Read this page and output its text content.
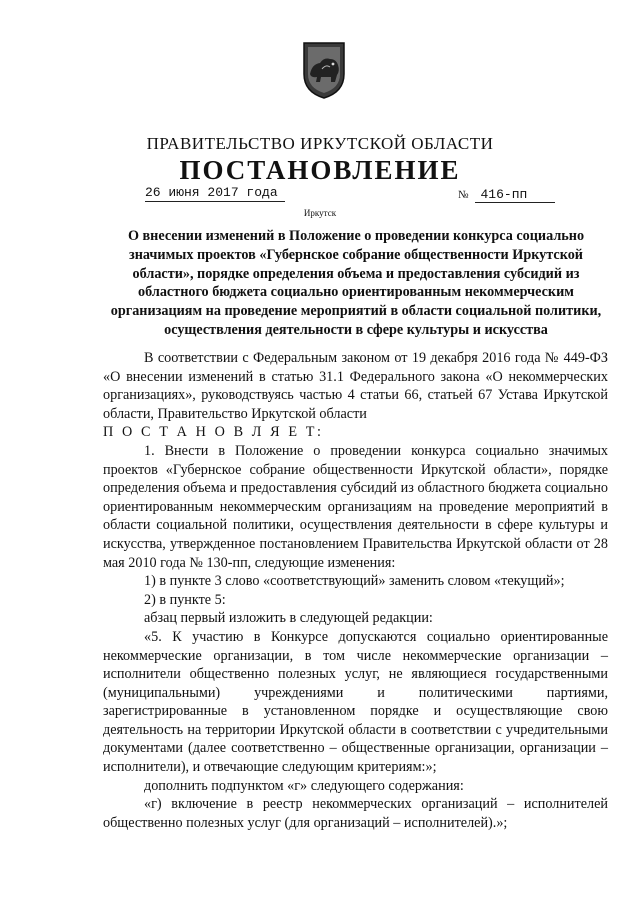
ПРАВИТЕЛЬСТВО ИРКУТСКОЙ ОБЛАСТИ
ПОСТАНОВЛЕНИЕ
26 июня 2017 года	№ 416-пп
Иркутск

О внесении изменений в Положение о проведении конкурса социально значимых проектов «Губернское собрание общественности Иркутской области», порядке определения объема и предоставления субсидий из областного бюджета социально ориентированным некоммерческим организациям на проведение мероприятий в области социальной политики, осуществления деятельности в сфере культуры и искусства

В соответствии с Федеральным законом от 19 декабря 2016 года № 449-ФЗ «О внесении изменений в статью 31.1 Федерального закона «О некоммерческих организациях», руководствуясь частью 4 статьи 66, статьей 67 Устава Иркутской области, Правительство Иркутской области

П О С Т А Н О В Л Я Е Т:

1. Внести в Положение о проведении конкурса социально значимых проектов «Губернское собрание общественности Иркутской области», порядке определения объема и предоставления субсидий из областного бюджета социально ориентированным некоммерческим организациям на проведение мероприятий в области социальной политики, осуществления деятельности в сфере культуры и искусства, утвержденное постановлением Правительства Иркутской области от 28 мая 2010 года № 130-пп, следующие изменения:

1) в пункте 3 слово «соответствующий» заменить словом «текущий»;

2) в пункте 5:

абзац первый изложить в следующей редакции:

«5. К участию в Конкурсе допускаются социально ориентированные некоммерческие организации, в том числе некоммерческие организации – исполнители общественно полезных услуг, не являющиеся государственными (муниципальными) учреждениями и политическими партиями, зарегистрированные в установленном порядке и осуществляющие свою деятельность на территории Иркутской области в соответствии с учредительными документами (далее соответственно – общественные организации, организации – исполнители), и отвечающие следующим критериям:»;

дополнить подпунктом «г» следующего содержания:

«г) включение в реестр некоммерческих организаций – исполнителей общественно полезных услуг (для организаций – исполнителей).»;
